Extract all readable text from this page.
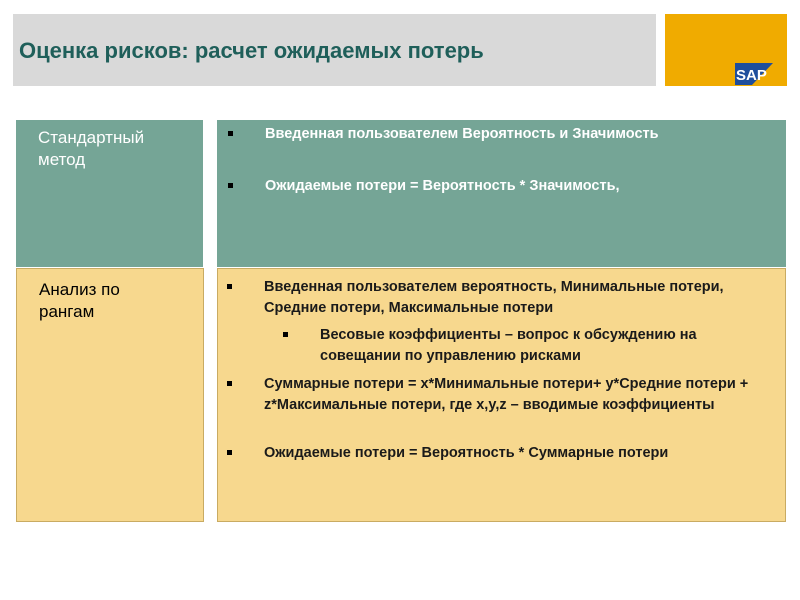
Оценка рисков: расчет ожидаемых потерь
SAP
Стандартный метод
Введенная пользователем Вероятность и Значимость
Ожидаемые потери = Вероятность * Значимость,
Анализ по рангам
Введенная пользователем вероятность, Минимальные потери, Средние потери, Максимальные потери
Весовые коэффициенты – вопрос к обсуждению на совещании по управлению рисками
Суммарные потери = x*Минимальные потери+ y*Средние потери + z*Максимальные потери, где x,y,z – вводимые коэффициенты
Ожидаемые потери = Вероятность * Суммарные потери
